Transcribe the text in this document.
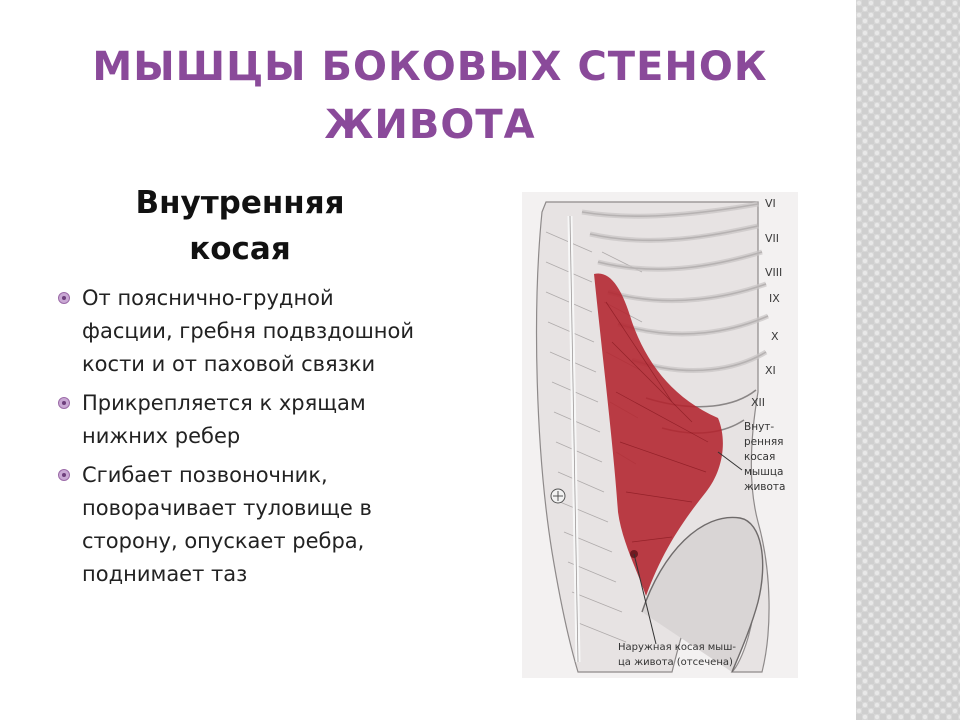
МЫШЦЫ БОКОВЫХ СТЕНОК
ЖИВОТА
Внутренняя
косая
От пояснично-грудной фасции, гребня подвздошной кости и от паховой связки
Прикрепляется к хрящам нижних ребер
Сгибает позвоночник, поворачивает туловище в сторону, опускает ребра, поднимает таз
VI
VII
VIII
IX
X
XI
XII
Внут-
ренняя
косая
мышца
живота
Наружная косая мыш-
ца живота (отсечена)
